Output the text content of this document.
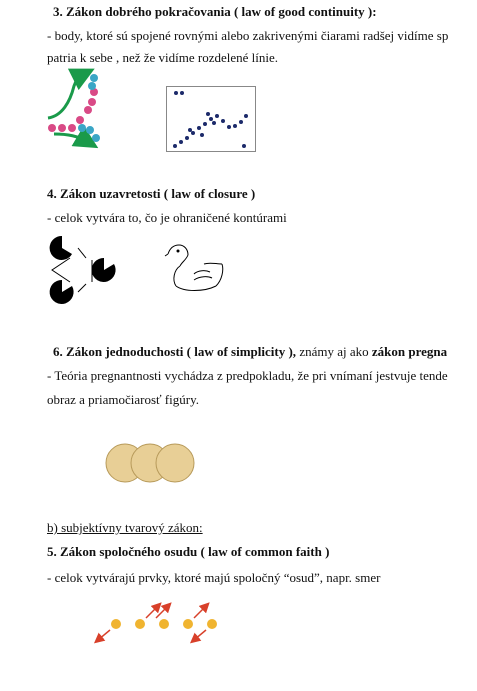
3. Zákon dobrého pokračovania ( law of good continuity ):
- body, ktoré sú spojené rovnými alebo zakrivenými čiarami radšej vidíme sp
patria k sebe , než že vidíme rozdelené línie.
4. Zákon uzavretosti ( law of closure )
- celok vytvára to, čo je ohraničené kontúrami
6. Zákon jednoduchosti ( law of simplicity ), známy aj ako zákon pregna
- Teória pregnantnosti vychádza z predpokladu, že pri vnímaní jestvuje tende
obraz a priamočiarosť figúry.
b) subjektívny tvarový zákon:
5. Zákon spoločného osudu ( law of common faith )
- celok vytvárajú prvky, ktoré majú spoločný “osud”, napr. smer
